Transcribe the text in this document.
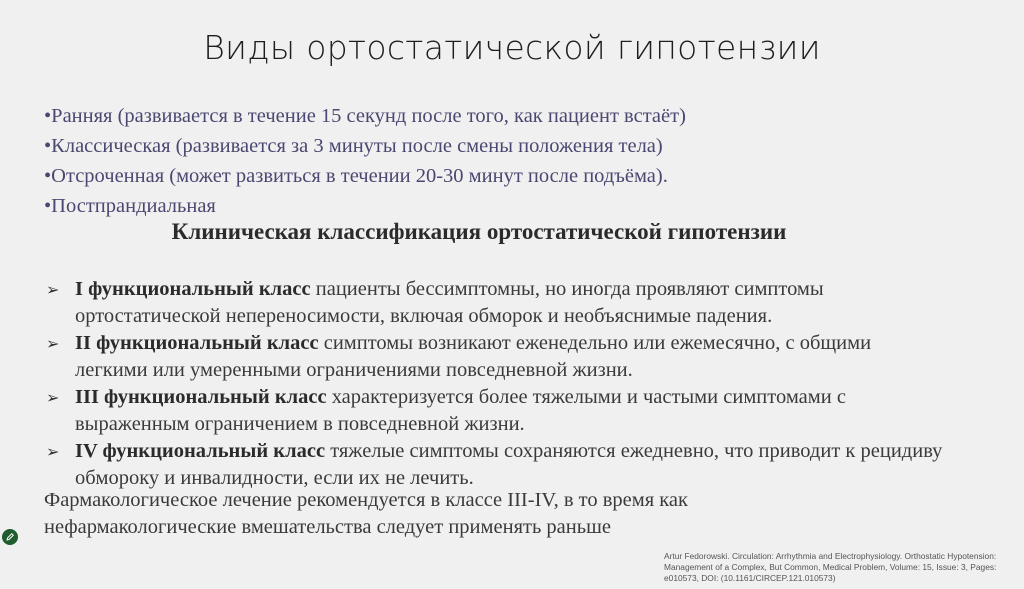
Виды ортостатической гипотензии
•Ранняя (развивается в течение 15 секунд после того, как пациент встаёт)
•Классическая (развивается за 3 минуты после смены положения тела)
•Отсроченная (может развиться в течении 20-30 минут после подъёма).
•Постпрандиальная
Клиническая классификация ортостатической гипотензии
➢ I функциональный класс пациенты бессимптомны, но иногда проявляют симптомы ортостатической непереносимости, включая обморок и необъяснимые падения.
➢ II функциональный класс симптомы возникают еженедельно или ежемесячно, с общими легкими или умеренными ограничениями повседневной жизни.
➢ III функциональный класс характеризуется более тяжелыми и частыми симптомами с выраженным ограничением в повседневной жизни.
➢ IV функциональный класс тяжелые симптомы сохраняются ежедневно, что приводит к рецидиву обмороку и инвалидности, если их не лечить.
Фармакологическое лечение рекомендуется в классе III-IV, в то время как нефармакологические вмешательства следует применять раньше
Artur Fedorowski. Circulation: Arrhythmia and Electrophysiology. Orthostatic Hypotension: Management of a Complex, But Common, Medical Problem, Volume: 15, Issue: 3, Pages: e010573, DOI: (10.1161/CIRCEP.121.010573)
